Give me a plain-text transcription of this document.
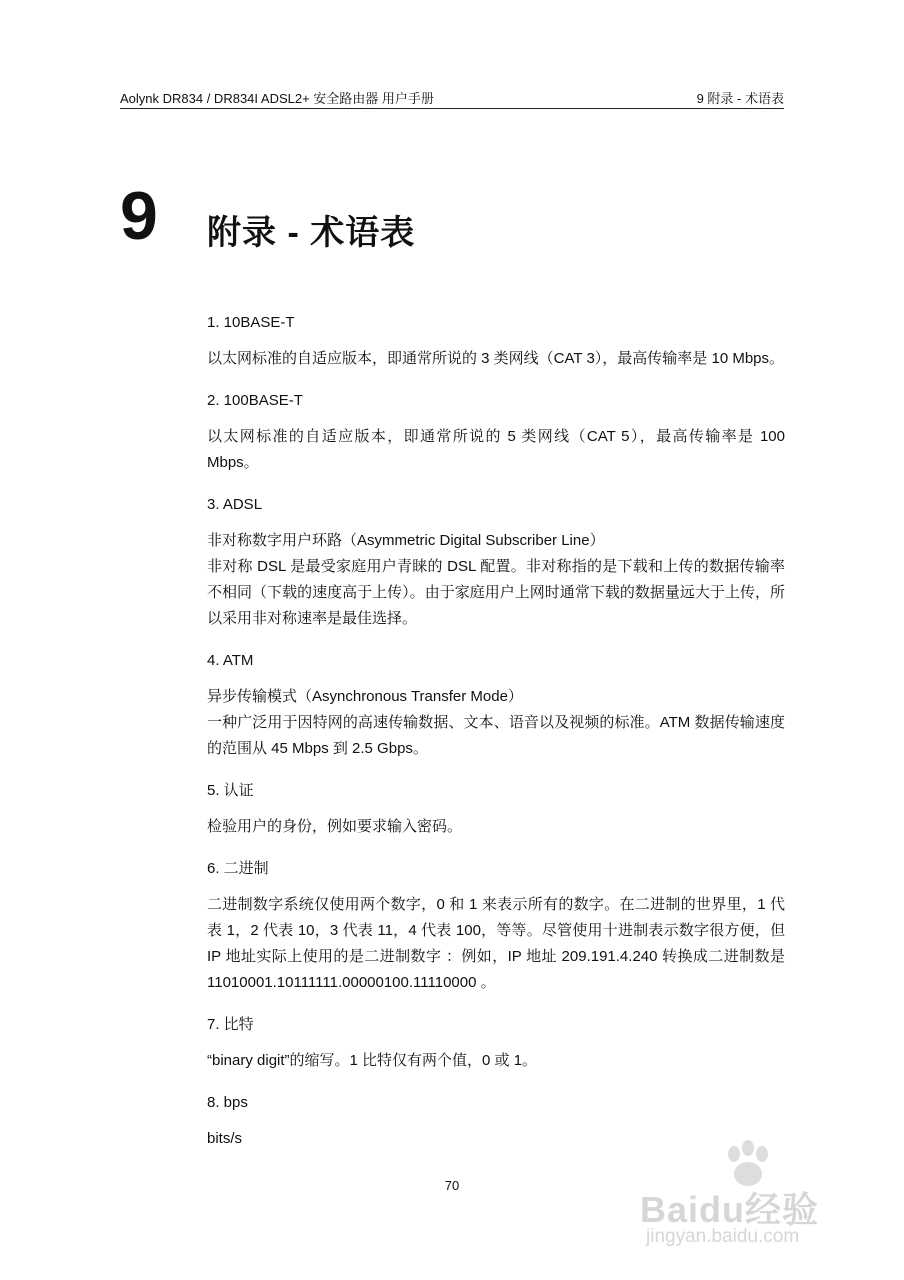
Aolynk DR834 / DR834I ADSL2+ 安全路由器 用户手册	9 附录 - 术语表
9 附录 - 术语表
1. 10BASE-T

以太网标准的自适应版本，即通常所说的 3 类网线（CAT 3），最高传输率是 10 Mbps。

2. 100BASE-T

以太网标准的自适应版本，即通常所说的 5 类网线（CAT 5），最高传输率是 100 Mbps。

3. ADSL

非对称数字用户环路（Asymmetric Digital Subscriber Line）

非对称 DSL 是最受家庭用户青睐的 DSL 配置。非对称指的是下载和上传的数据传输率不相同（下载的速度高于上传）。由于家庭用户上网时通常下载的数据量远大于上传，所以采用非对称速率是最佳选择。

4. ATM

异步传输模式（Asynchronous Transfer Mode）

一种广泛用于因特网的高速传输数据、文本、语音以及视频的标准。ATM 数据传输速度的范围从 45 Mbps 到 2.5 Gbps。

5. 认证

检验用户的身份，例如要求输入密码。

6. 二进制

二进制数字系统仅使用两个数字，0 和 1 来表示所有的数字。在二进制的世界里，1 代表 1，2 代表 10，3 代表 11，4 代表 100，等等。尽管使用十进制表示数字很方便，但 IP 地址实际上使用的是二进制数字 ：例如，IP 地址 209.191.4.240 转换成二进制数是 11010001.10111111.00000100.11110000 。

7. 比特

“binary digit”的缩写。1 比特仅有两个值，0 或 1。

8. bps

bits/s

70
Baidu经验
jingyan.baidu.com
